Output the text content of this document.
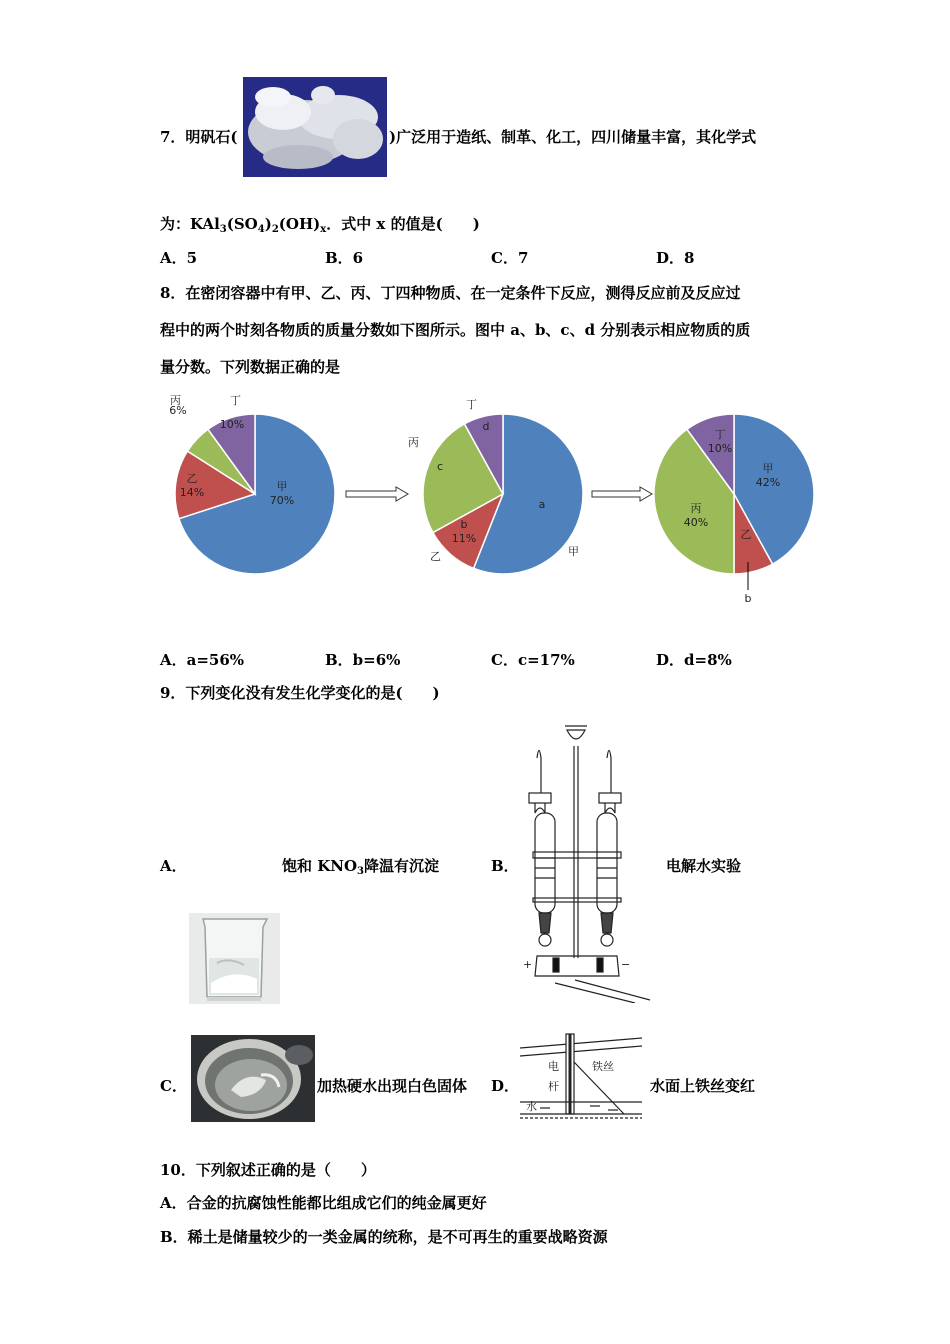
7．明矾石(	)广泛用于造纸、制革、化工，四川储量丰富，其化学式
为：$KAl_3(SO_4)_2(OH)_x$．式中 x 的值是(　　)
A．5	B．6	C．7	D．8
8．在密闭容器中有甲、乙、丙、丁四种物质、在一定条件下反应，测得反应前及反应过
程中的两个时刻各物质的质量分数如下图所示。图中 a、b、c、d 分别表示相应物质的质
量分数。下列数据正确的是
甲 70%
乙 14%
丙
6%
丁
10%
甲
a
乙
b 11%
丙
c
丁
d
甲 42%
乙
b
丙 40%
丁 10%
A．a=56%	B．b=6%	C．c=17%	D．d=8%
9．下列变化没有发生化学变化的是(　　)
A．	饱和 $KNO_3$降温有沉淀	B．
+	−
电解水实验
C．	加热硬水出现白色固体 D．
电
杆
铁丝
水
水面上铁丝变红
10．下列叙述正确的是（　　）
A．合金的抗腐蚀性能都比组成它们的纯金属更好
B．稀土是储量较少的一类金属的统称，是不可再生的重要战略资源
